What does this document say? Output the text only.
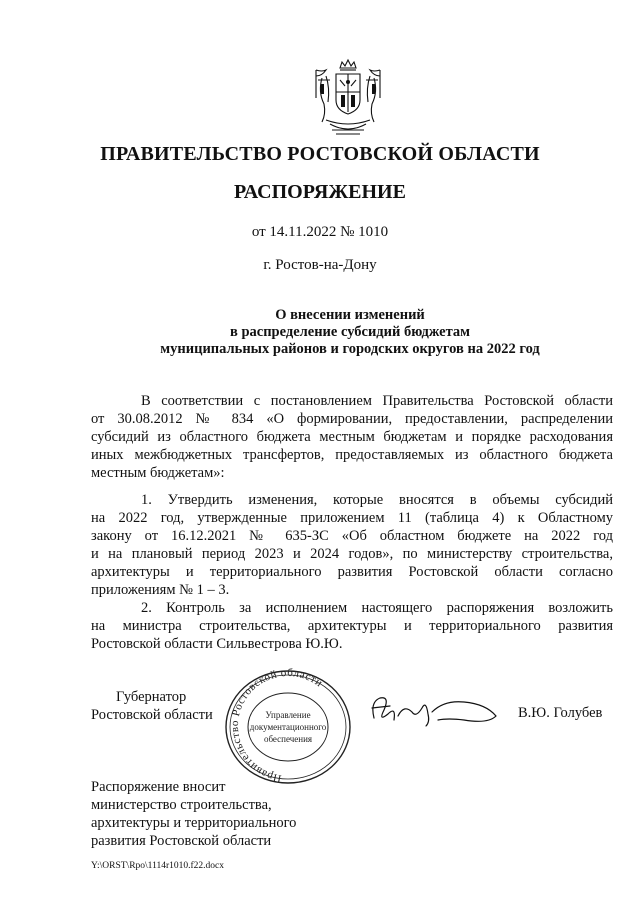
ПРАВИТЕЛЬСТВО РОСТОВСКОЙ ОБЛАСТИ
РАСПОРЯЖЕНИЕ
от 14.11.2022 № 1010
г. Ростов-на-Дону
О внесении изменений
в распределение субсидий бюджетам
муниципальных районов и городских округов на 2022 год
В соответствии с постановлением Правительства Ростовской области
от 30.08.2012 № 834 «О формировании, предоставлении, распределении
субсидий из областного бюджета местным бюджетам и порядке расходования
иных межбюджетных трансфертов, предоставляемых из областного бюджета
местным бюджетам»:
1. Утвердить изменения, которые вносятся в объемы субсидий
на 2022 год, утвержденные приложением 11 (таблица 4) к Областному
закону от 16.12.2021 № 635-ЗС «Об областном бюджете на 2022 год
и на плановый период 2023 и 2024 годов», по министерству строительства,
архитектуры и территориального развития Ростовской области согласно
приложениям № 1 – 3.
2. Контроль за исполнением настоящего распоряжения возложить
на министра строительства, архитектуры и территориального развития
Ростовской области Сильвестрова Ю.Ю.
Губернатор
Ростовской области
Правительство Ростовской области
Управление
документационного
обеспечения
В.Ю. Голубев
Распоряжение вносит
министерство строительства,
архитектуры и территориального
развития Ростовской области
Y:\ORST\Rpo\1114r1010.f22.docx
